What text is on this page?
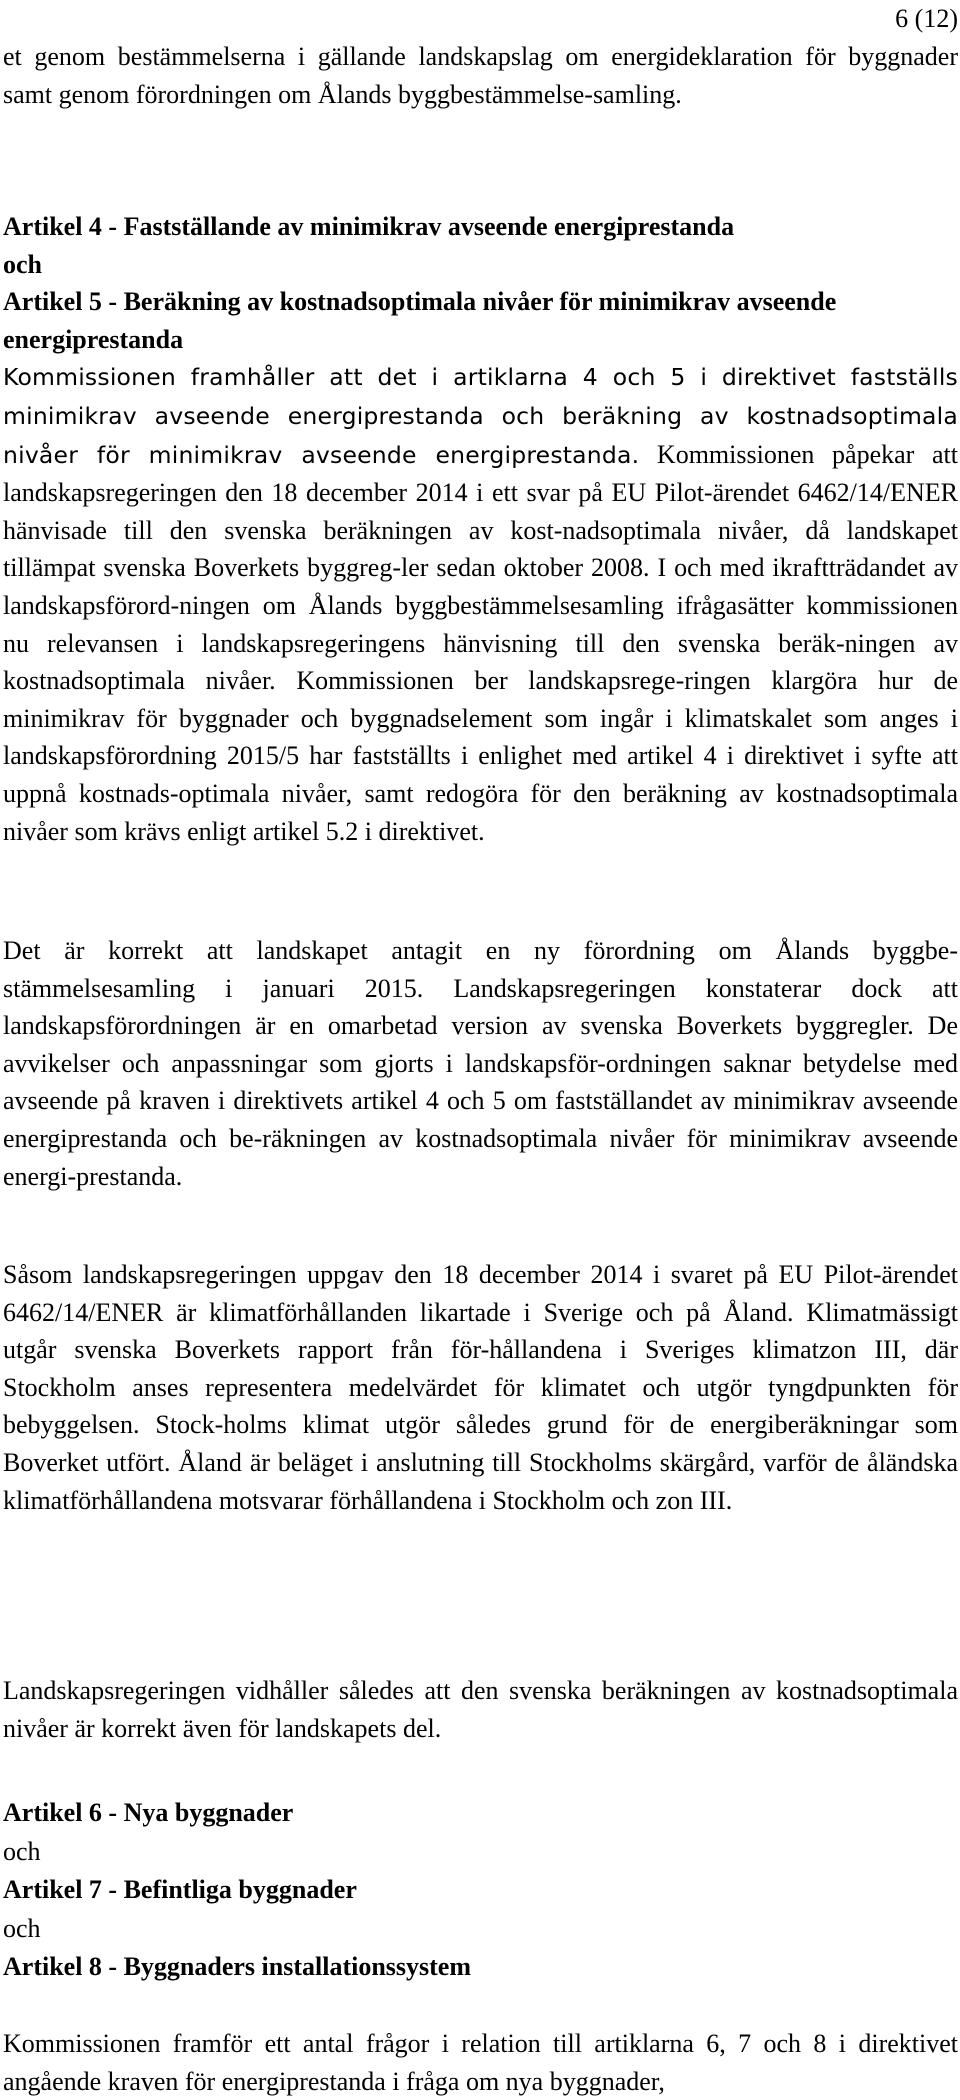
6 (12)
et genom bestämmelserna i gällande landskapslag om energideklaration för byggnader samt genom förordningen om Ålands byggbestämmelse-samling.
Artikel 4 - Fastställande av minimikrav avseende energiprestanda
och
Artikel 5 - Beräkning av kostnadsoptimala nivåer för minimikrav avseende energiprestanda
Kommissionen framhåller att det i artiklarna 4 och 5 i direktivet fastställs minimikrav avseende energiprestanda och beräkning av kostnadsoptimala nivåer för minimikrav avseende energiprestanda. Kommissionen påpekar att landskapsregeringen den 18 december 2014 i ett svar på EU Pilot-ärendet 6462/14/ENER hänvisade till den svenska beräkningen av kost-nadsoptimala nivåer, då landskapet tillämpat svenska Boverkets byggreg-ler sedan oktober 2008. I och med ikraftträdandet av landskapsförord-ningen om Ålands byggbestämmelsesamling ifrågasätter kommissionen nu relevansen i landskapsregeringens hänvisning till den svenska beräk-ningen av kostnadsoptimala nivåer. Kommissionen ber landskapsrege-ringen klargöra hur de minimikrav för byggnader och byggnadselement som ingår i klimatskalet som anges i landskapsförordning 2015/5 har fastställts i enlighet med artikel 4 i direktivet i syfte att uppnå kostnads-optimala nivåer, samt redogöra för den beräkning av kostnadsoptimala nivåer som krävs enligt artikel 5.2 i direktivet.
Det är korrekt att landskapet antagit en ny förordning om Ålands byggbe-stämmelsesamling i januari 2015. Landskapsregeringen konstaterar dock att landskapsförordningen är en omarbetad version av svenska Boverkets byggregler. De avvikelser och anpassningar som gjorts i landskapsför-ordningen saknar betydelse med avseende på kraven i direktivets artikel 4 och 5 om fastställandet av minimikrav avseende energiprestanda och be-räkningen av kostnadsoptimala nivåer för minimikrav avseende energi-prestanda.
Såsom landskapsregeringen uppgav den 18 december 2014 i svaret på EU Pilot-ärendet 6462/14/ENER är klimatförhållanden likartade i Sverige och på Åland. Klimatmässigt utgår svenska Boverkets rapport från för-hållandena i Sveriges klimatzon III, där Stockholm anses representera medelvärdet för klimatet och utgör tyngdpunkten för bebyggelsen. Stock-holms klimat utgör således grund för de energiberäkningar som Boverket utfört. Åland är beläget i anslutning till Stockholms skärgård, varför de åländska klimatförhållandena motsvarar förhållandena i Stockholm och zon III.
Landskapsregeringen vidhåller således att den svenska beräkningen av kostnadsoptimala nivåer är korrekt även för landskapets del.
Artikel 6 - Nya byggnader
och
Artikel 7 - Befintliga byggnader
och
Artikel 8 - Byggnaders installationssystem
Kommissionen framför ett antal frågor i relation till artiklarna 6, 7 och 8 i direktivet angående kraven för energiprestanda i fråga om nya byggnader,
